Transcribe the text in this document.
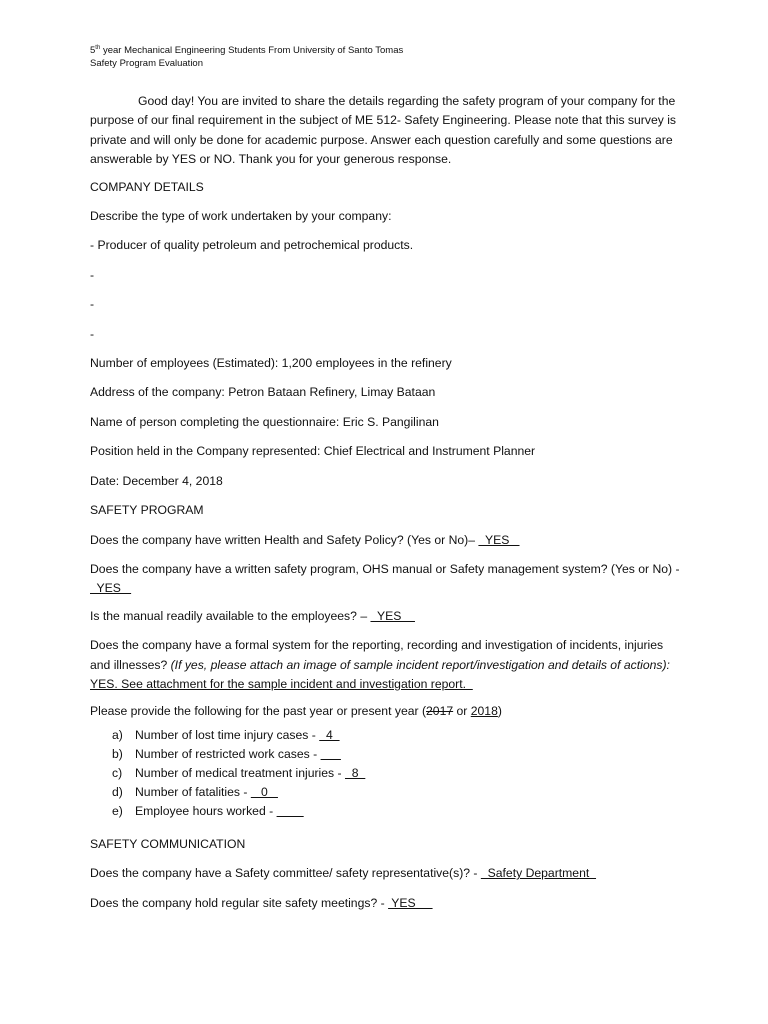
5th year Mechanical Engineering Students From University of Santo Tomas
Safety Program Evaluation

Good day! You are invited to share the details regarding the safety program of your company for the purpose of our final requirement in the subject of ME 512- Safety Engineering. Please note that this survey is private and will only be done for academic purpose. Answer each question carefully and some questions are answerable by YES or NO. Thank you for your generous response.

COMPANY DETAILS
Describe the type of work undertaken by your company:
- Producer of quality petroleum and petrochemical products.
-
-
-
Number of employees (Estimated): 1,200 employees in the refinery
Address of the company: Petron Bataan Refinery, Limay Bataan
Name of person completing the questionnaire: Eric S. Pangilinan
Position held in the Company represented: Chief Electrical and Instrument Planner
Date: December 4, 2018
SAFETY PROGRAM
Does the company have written Health and Safety Policy? (Yes or No)–   YES
Does the company have a written safety program, OHS manual or Safety management system? (Yes or No) -   YES
Is the manual readily available to the employees? –   YES
Does the company have a formal system for the reporting, recording and investigation of incidents, injuries and illnesses? (If yes, please attach an image of sample incident report/investigation and details of actions): YES. See attachment for the sample incident and investigation report.
Please provide the following for the past year or present year (2017 or 2018)
a) Number of lost time injury cases -   4
b) Number of restricted work cases -
c) Number of medical treatment injuries -   8
d) Number of fatalities -    0
e) Employee hours worked -
SAFETY COMMUNICATION
Does the company have a Safety committee/ safety representative(s)? -   Safety Department
Does the company hold regular site safety meetings? -  YES
